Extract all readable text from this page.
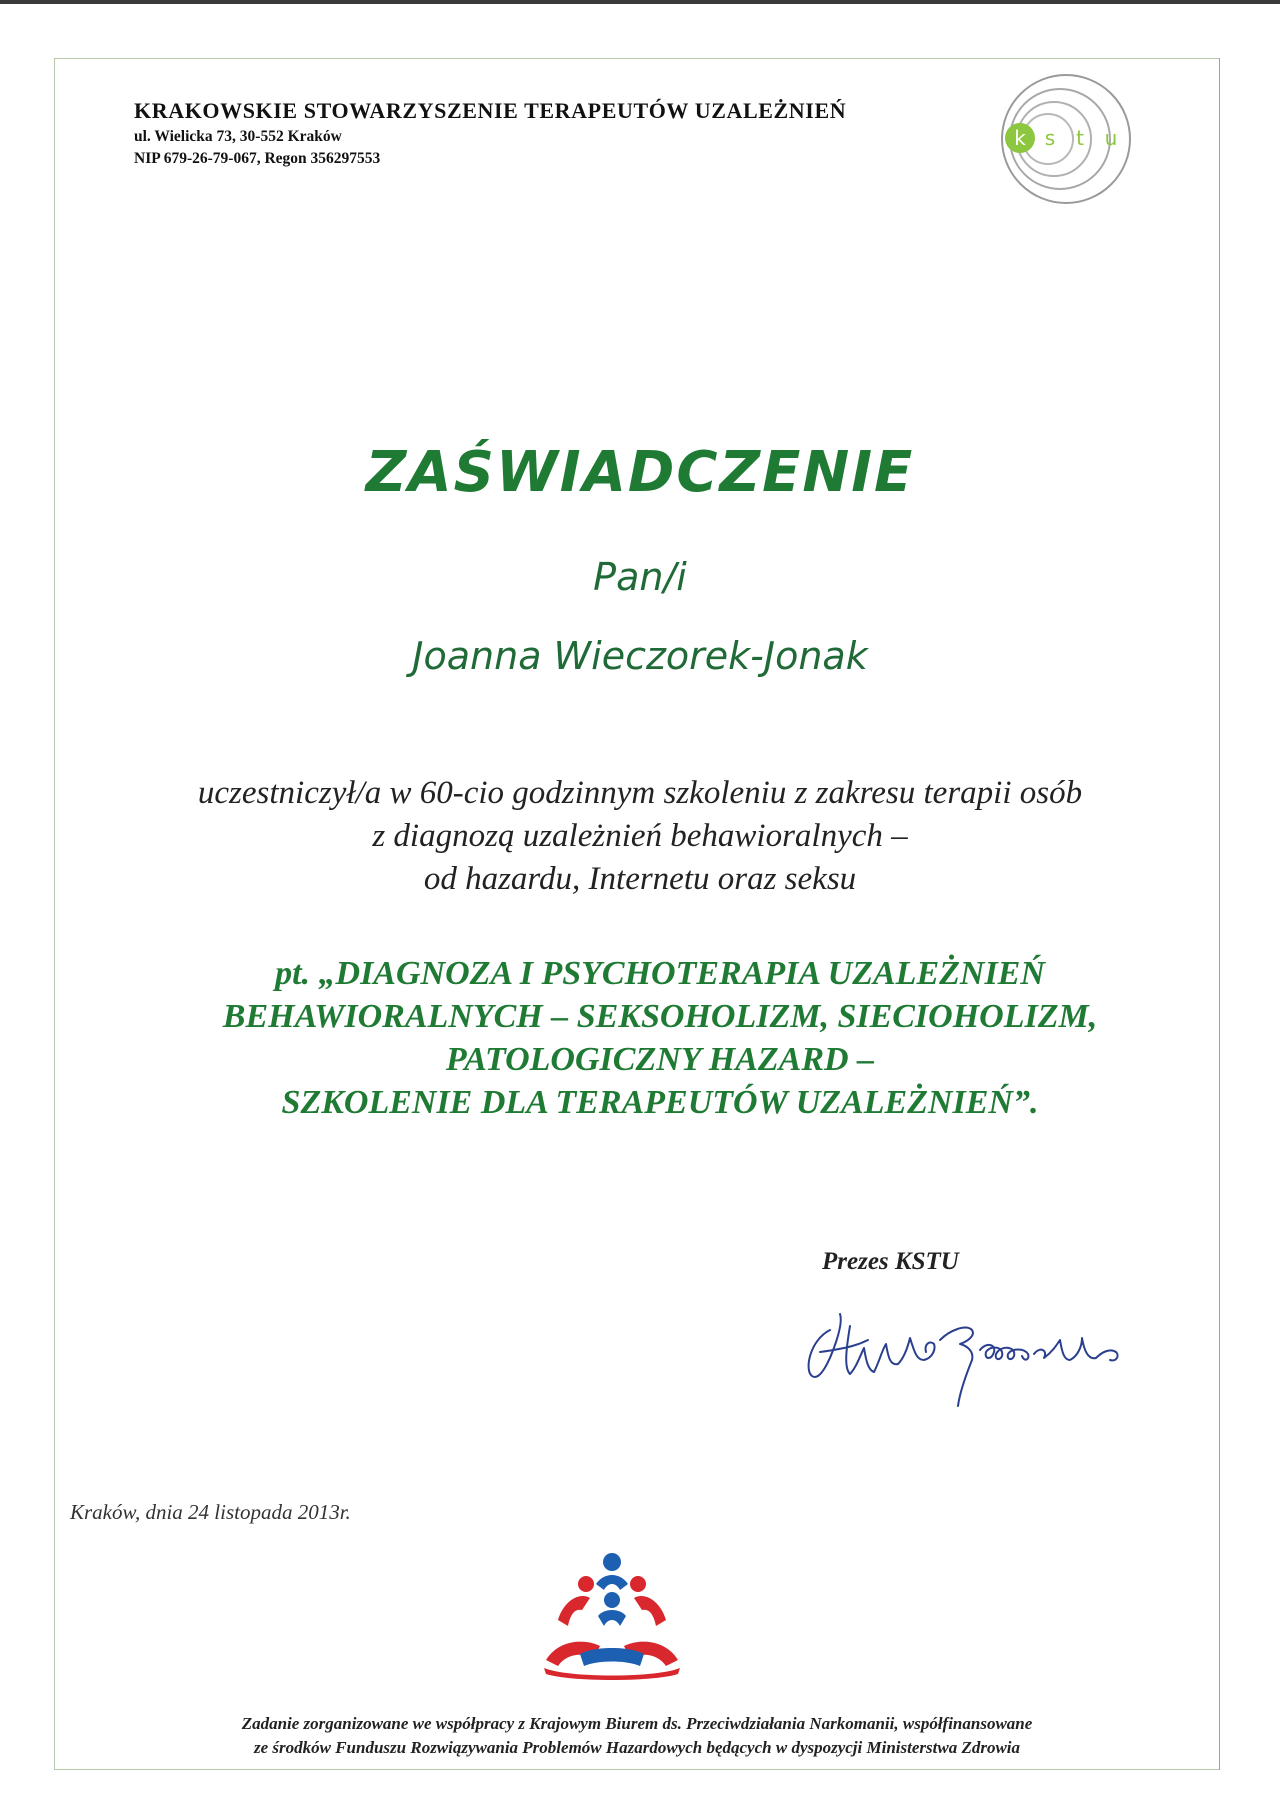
KRAKOWSKIE STOWARZYSZENIE TERAPEUTÓW UZALEŻNIEŃ
ul. Wielicka 73, 30-552 Kraków
NIP 679-26-79-067, Regon 356297553
k s t u
ZAŚWIADCZENIE
Pan/i
Joanna Wieczorek-Jonak
uczestniczył/a w 60-cio godzinnym szkoleniu z zakresu terapii osób
z diagnozą uzależnień behawioralnych –
od hazardu, Internetu oraz seksu
pt. „DIAGNOZA I PSYCHOTERAPIA UZALEŻNIEŃ
BEHAWIORALNYCH – SEKSOHOLIZM, SIECIOHOLIZM,
PATOLOGICZNY HAZARD –
SZKOLENIE DLA TERAPEUTÓW UZALEŻNIEŃ”.
Prezes KSTU
Kraków, dnia 24 listopada 2013r.
Zadanie zorganizowane we współpracy z Krajowym Biurem ds. Przeciwdziałania Narkomanii, współfinansowane
ze środków Funduszu Rozwiązywania Problemów Hazardowych będących w dyspozycji Ministerstwa Zdrowia
